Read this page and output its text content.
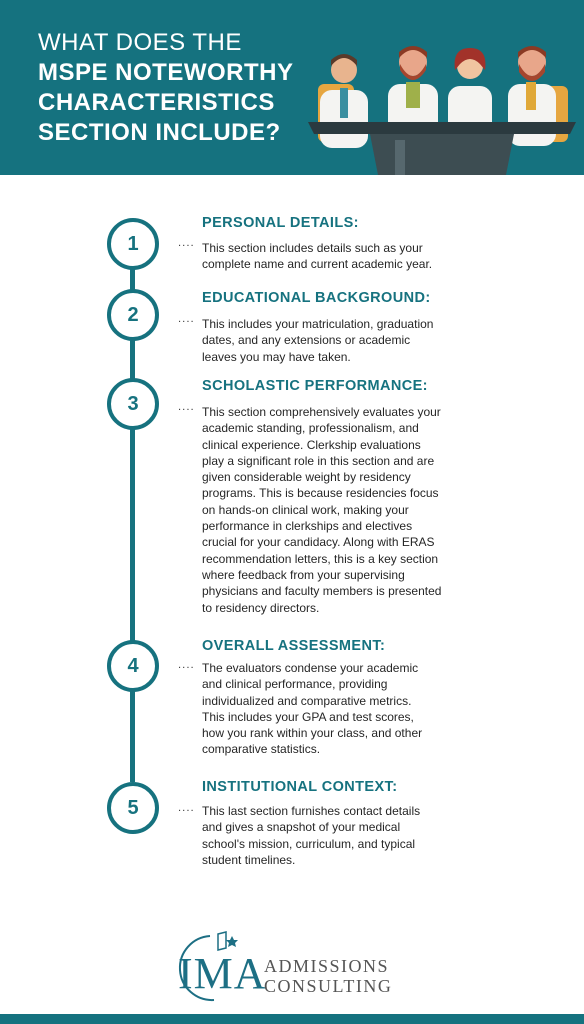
WHAT DOES THE
MSPE NOTEWORTHY
CHARACTERISTICS
SECTION INCLUDE?
1	....
PERSONAL DETAILS:
This section includes details such as your
complete name and current academic year.
2	....
EDUCATIONAL BACKGROUND:
This includes your matriculation, graduation
dates, and any extensions or academic
leaves you may have taken.
3	....
SCHOLASTIC PERFORMANCE:
This section comprehensively evaluates your
academic standing, professionalism, and
clinical experience. Clerkship evaluations
play a significant role in this section and are
given considerable weight by residency
programs. This is because residencies focus
on hands-on clinical work, making your
performance in clerkships and electives
crucial for your candidacy. Along with ERAS
recommendation letters, this is a key section
where feedback from your supervising
physicians and faculty members is presented
to residency directors.
4	....
OVERALL ASSESSMENT:
The evaluators condense your academic
and clinical performance, providing
individualized and comparative metrics.
This includes your GPA and test scores,
how you rank within your class, and other
comparative statistics.
5	....
INSTITUTIONAL CONTEXT:
This last section furnishes contact details
and gives a snapshot of your medical
school's mission, curriculum, and typical
student timelines.
IMA
ADMISSIONS
CONSULTING
